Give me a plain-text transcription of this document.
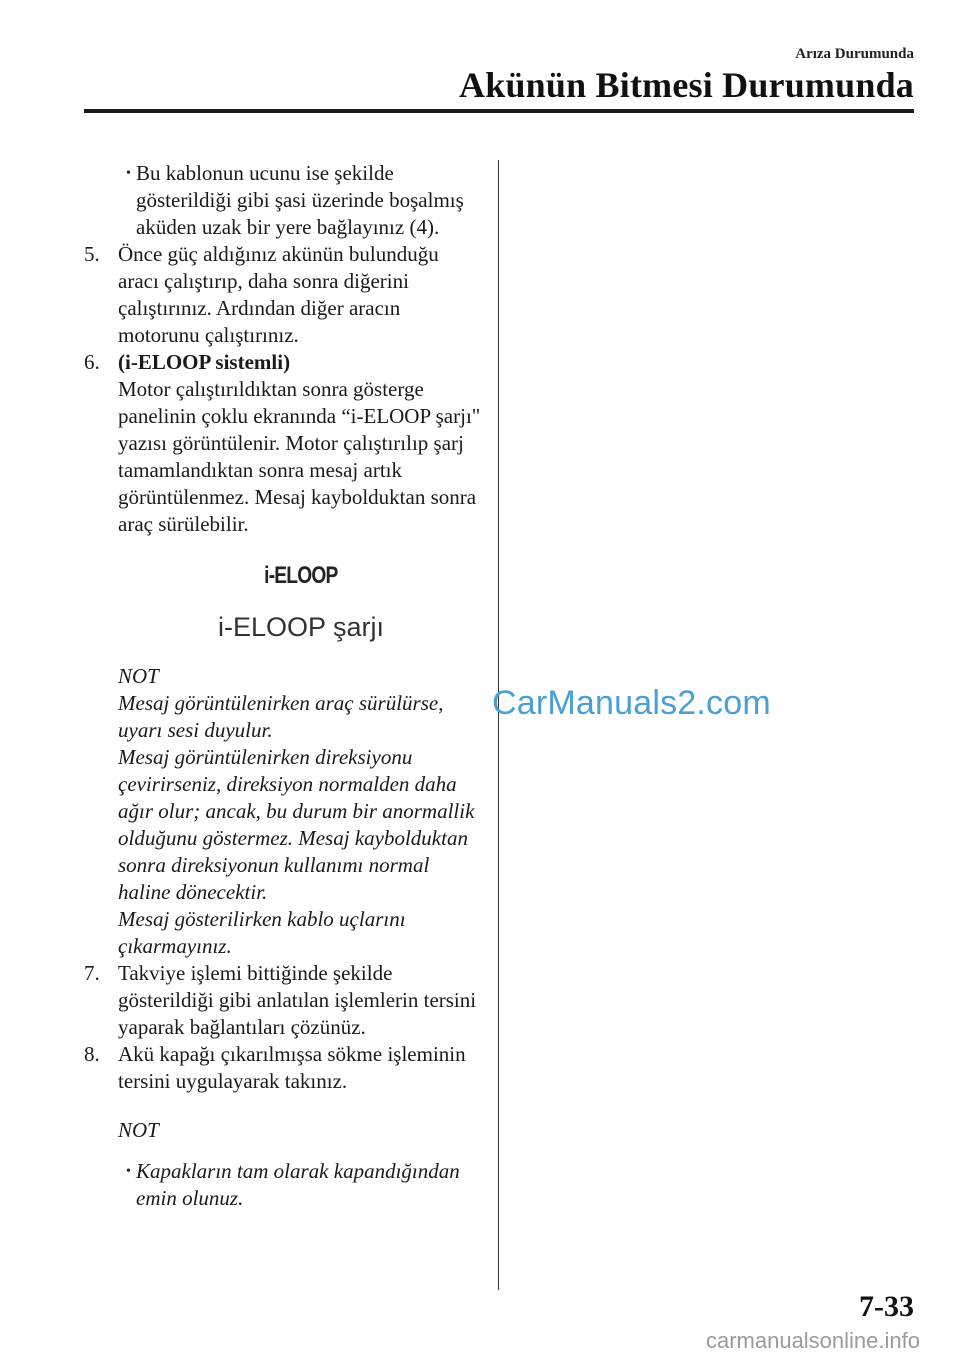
Arıza Durumunda
Akünün Bitmesi Durumunda
• Bu kablonun ucunu ise şekilde gösterildiği gibi şasi üzerinde boşalmış aküden uzak bir yere bağlayınız (4).
5. Önce güç aldığınız akünün bulunduğu aracı çalıştırıp, daha sonra diğerini çalıştırınız. Ardından diğer aracın motorunu çalıştırınız.
6. (i-ELOOP sistemli)
Motor çalıştırıldıktan sonra gösterge panelinin çoklu ekranında “i-ELOOP şarjı" yazısı görüntülenir. Motor çalıştırılıp şarj tamamlandıktan sonra mesaj artık görüntülenmez. Mesaj kaybolduktan sonra araç sürülebilir.
i-ELOOP
i-ELOOP şarjı
NOT
Mesaj görüntülenirken araç sürülürse, uyarı sesi duyulur.
Mesaj görüntülenirken direksiyonu çevirirseniz, direksiyon normalden daha ağır olur; ancak, bu durum bir anormallik olduğunu göstermez. Mesaj kaybolduktan sonra direksiyonun kullanımı normal haline dönecektir.
Mesaj gösterilirken kablo uçlarını çıkarmayınız.
7. Takviye işlemi bittiğinde şekilde gösterildiği gibi anlatılan işlemlerin tersini yaparak bağlantıları çözünüz.
8. Akü kapağı çıkarılmışsa sökme işleminin tersini uygulayarak takınız.
NOT
• Kapakların tam olarak kapandığından emin olunuz.
CarManuals2.com
7-33
carmanualsonline.info
